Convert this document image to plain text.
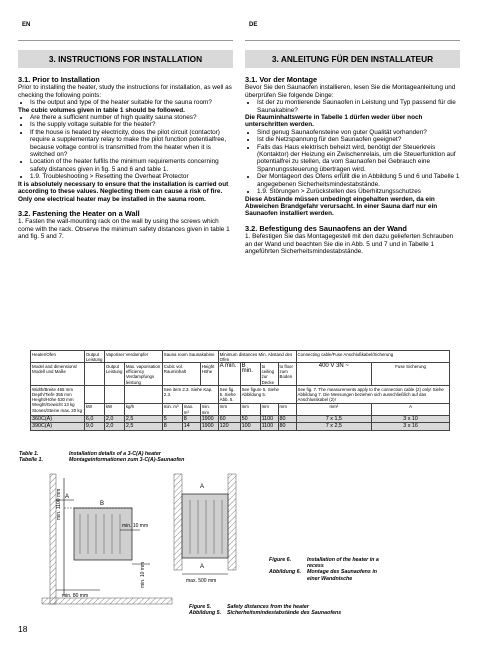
EN	DE
3. INSTRUCTIONS FOR INSTALLATION	3. ANLEITUNG FÜR DEN INSTALLATEUR
3.1. Prior to Installation

Prior to installing the heater, study the instructions for installation, as well as checking the following points:

• Is the output and type of the heater suitable for the sauna room?

The cubic volumes given in table 1 should be followed.

• Are there a sufficient number of high quality sauna stones?
• Is the supply voltage suitable for the heater?
• If the house is heated by electricity, does the pilot circuit (contactor) require a supplementary relay to make the pilot function potentialfree, because voltage control is transmitted from the heater when it is switched on?
• Location of the heater fulfils the minimum requirements concerning safety distances given in fig. 5 and 6 and table 1.
• 1.9. Troubleshooting > Resetting the Overheat Protector

It is absolutely necessary to ensure that the installation is carried out according to these values. Neglecting them can cause a risk of fire. Only one electrical heater may be installed in the sauna room.

3.2. Fastening the Heater on a Wall

1. Fasten the wall-mounting rack on the wall by using the screws which come with the rack. Observe the minimum safety distances given in table 1 and fig. 5 and 7.

3.1. Vor der Montage

Bevor Sie den Saunaofen installieren, lesen Sie die Montageanleitung und überprüfen Sie folgende Dinge:

• Ist der zu montierende Saunaofen in Leistung und Typ passend für die Saunakabine?

Die Rauminhaltswerte in Tabelle 1 dürfen weder über noch unterschritten werden.

• Sind genug Saunaofensteine von guter Qualität vorhanden?
• Ist die Netzspannung für den Saunaofen geeignet?
• Falls das Haus elektrisch beheizt wird, benötigt der Steuerkreis (Kontaktor) der Heizung ein Zwischenrelais, um die Steuerfunktion auf potentialfrei zu stellen, da vom Saunaofen bei Gebrauch eine Spannungssteuerung übertragen wird.
• Der Montageort des Ofens erfüllt die in Abbildung 5 und 6 und Tabelle 1 angegebenen Sicherheitsmindestabstände.
• 1.9. Störungen > Zurückstellen des Überhitzungsschutzes

Diese Abstände müssen unbedingt eingehalten werden, da ein Abweichen Brandgefahr verursacht. In einer Sauna darf nur ein Saunaofen installiert werden.

3.2. Befestigung des Saunaofens an der Wand

1. Befestigen Sie das Montagegestell mit den dazu gelieferten Schrauben an der Wand und beachten Sie die in Abb. 5 und 7 und in Tabelle 1 angeführten Sicherheitsmindestabstände.

Heater/Ofen	Output Leistung	Vaporiser Verdampfer		Sauna room Saunakabine			Minimum distances Min. Abstand des Ofen				Connecting cable/Fuse Anschlußkabel/Sicherung	
Model and dimensions/ Modell und Maße		Output Leistung	Max. vaporisation efficiency Verdampfungs leistung	Cubic vol. Rauminhalt		Height Höhe	A min.	B min.	to ceiling zur Decke	to floor zum Boden	400 V 3N ~	Fuse Sicherung
Width/Breite 465 mm Depth/Tiefe 355 mm Height/Höhe 530 mm Weight/Gewicht 13 kg Stones/Steine max. 20 kg				See item 2.3. Siehe Kap. 2.3.			See fig. 5. Siehe Abb. 5.	See figure 5. Siehe Abbildung 5.			See fig. 7. The measurements apply to the connection cable (2) only! Siehe Abbildung 7. Die Messungen beziehen sich ausschließlich auf das Anschlusskabel (2)!	
	kW	kW	kg/h	min. m³	max. m³	min. mm	mm	mm	mm	mm	mm²	A
360C(A)	6,0	2,0	2,5	5	8	1900	60	50	1100	80	7 x 1,5	3 x 10
390C(A)	9,0	2,0	2,5	8	14	1900	120	100	1100	80	7 x 2,5	3 x 16
Table 1.	Installation details of a 3-C(A) heater
Tabelle 1.	Montageinformationen zum 3-C(A)-Saunaofen
min. 1100 mm A
B
min. 10 mm
min. 10 mm
min. 80 mm
A
A
max. 500 mm
Figure 6.	Installation of the heater in a recess
Abbildung 6. Montage des Saunaofens in einer Wandnische
Figure 5.	Safety distances from the heater
Abbildung 5. Sicherheitsmindestabstände des Saunaofens
18
